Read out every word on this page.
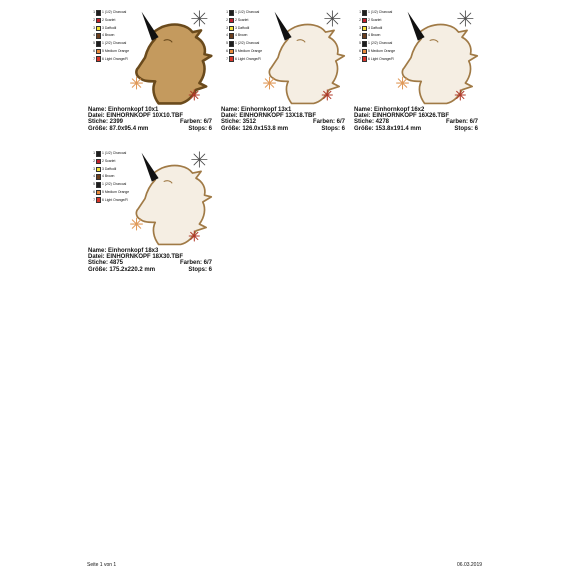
1 1 (1/2) Charcoal
2 2 Scarlet
3 3 Daffodil
4 4 Brown
5 1 (2/2) Charcoal
6 5 Medium Orange
7 6 Light Orange/R
Name: Einhornkopf 10x1
Datei: EINHORNKOPF 10X10.TBF
Stiche: 2399	Farben: 6/7
Größe: 87.0x95.4 mm	Stops: 6
1 1 (1/2) Charcoal
2 2 Scarlet
3 3 Daffodil
4 4 Brown
5 1 (2/2) Charcoal
6 5 Medium Orange
7 6 Light Orange/R
Name: Einhornkopf 13x1
Datei: EINHORNKOPF 13X18.TBF
Stiche: 3512	Farben: 6/7
Größe: 126.0x153.8 mm	Stops: 6
1 1 (1/2) Charcoal
2 2 Scarlet
3 3 Daffodil
4 4 Brown
5 1 (2/2) Charcoal
6 5 Medium Orange
7 6 Light Orange/R
Name: Einhornkopf 16x2
Datei: EINHORNKOPF 16X26.TBF
Stiche: 4278	Farben: 6/7
Größe: 153.8x191.4 mm	Stops: 6
1 1 (1/2) Charcoal
2 2 Scarlet
3 3 Daffodil
4 4 Brown
5 1 (2/2) Charcoal
6 5 Medium Orange
7 6 Light Orange/R
Name: Einhornkopf 18x3
Datei: EINHORNKOPF 18X30.TBF
Stiche: 4875	Farben: 6/7
Größe: 175.2x220.2 mm	Stops: 6
Seite 1 von 1	06.03.2019
